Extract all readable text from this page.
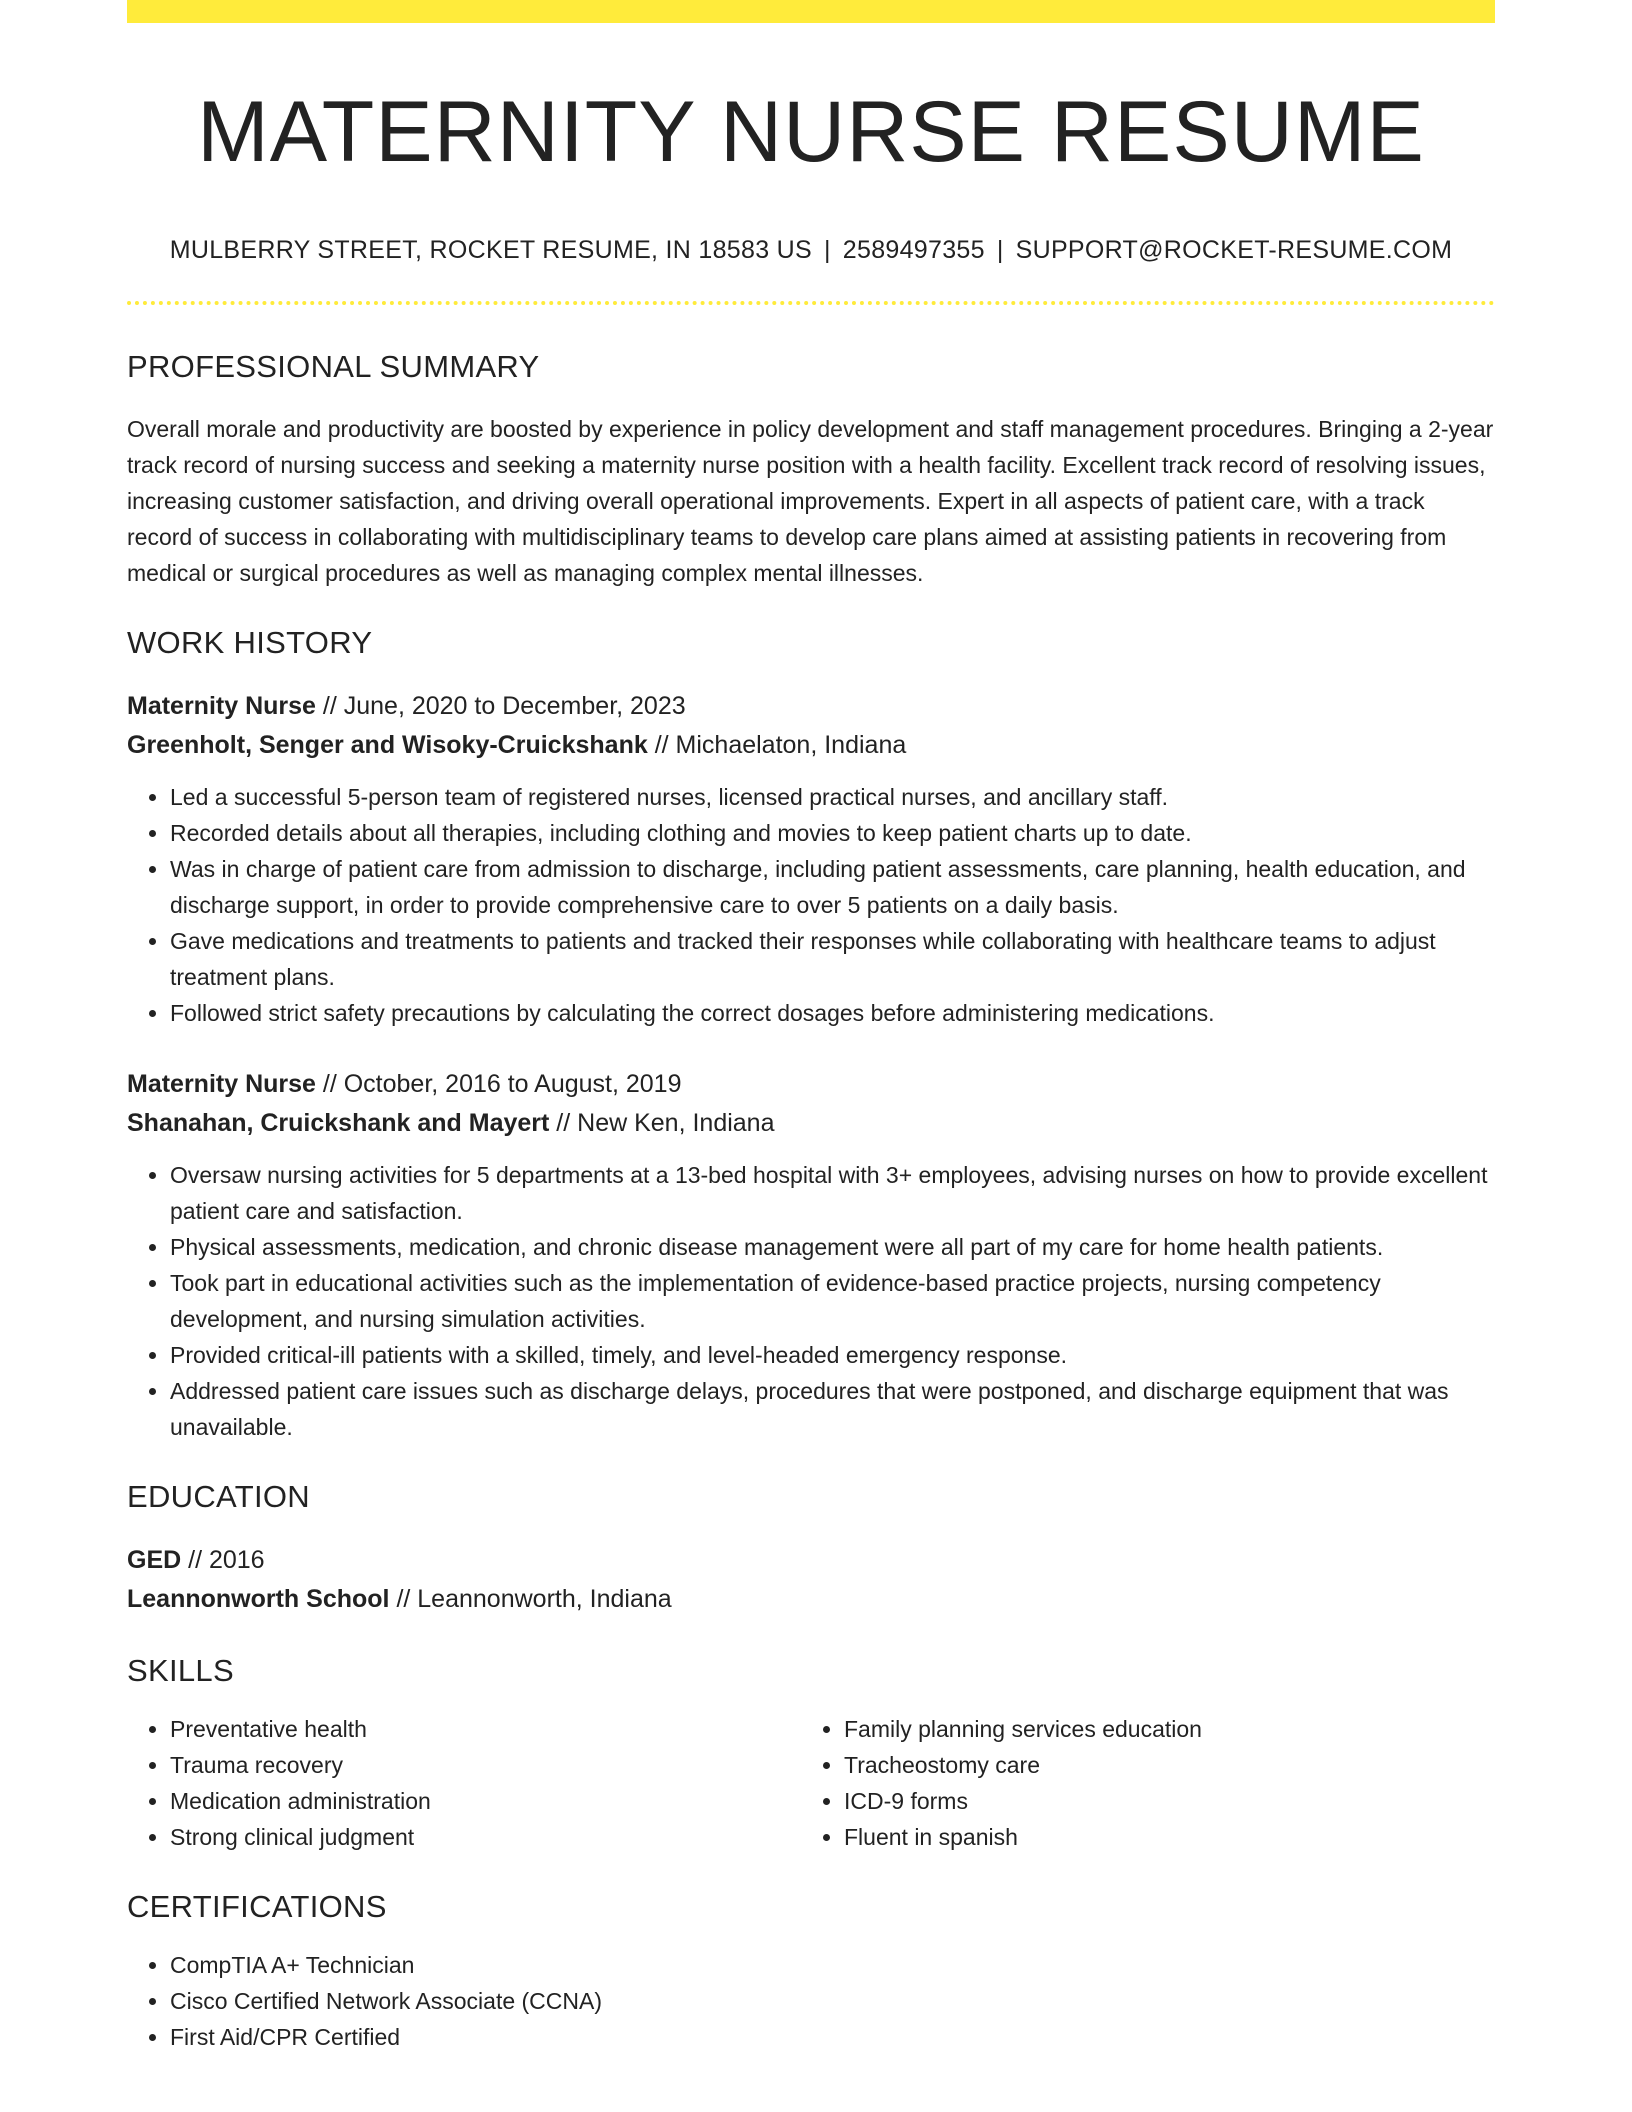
MATERNITY NURSE RESUME
MULBERRY STREET, ROCKET RESUME, IN 18583 US | 2589497355 | SUPPORT@ROCKET-RESUME.COM
PROFESSIONAL SUMMARY

Overall morale and productivity are boosted by experience in policy development and staff management procedures. Bringing a 2-year track record of nursing success and seeking a maternity nurse position with a health facility. Excellent track record of resolving issues, increasing customer satisfaction, and driving overall operational improvements. Expert in all aspects of patient care, with a track record of success in collaborating with multidisciplinary teams to develop care plans aimed at assisting patients in recovering from medical or surgical procedures as well as managing complex mental illnesses.

WORK HISTORY
Maternity Nurse // June, 2020 to December, 2023
Greenholt, Senger and Wisoky-Cruickshank // Michaelaton, Indiana
• Led a successful 5-person team of registered nurses, licensed practical nurses, and ancillary staff.
• Recorded details about all therapies, including clothing and movies to keep patient charts up to date.
• Was in charge of patient care from admission to discharge, including patient assessments, care planning, health education, and discharge support, in order to provide comprehensive care to over 5 patients on a daily basis.
• Gave medications and treatments to patients and tracked their responses while collaborating with healthcare teams to adjust treatment plans.
• Followed strict safety precautions by calculating the correct dosages before administering medications.
Maternity Nurse // October, 2016 to August, 2019
Shanahan, Cruickshank and Mayert // New Ken, Indiana
• Oversaw nursing activities for 5 departments at a 13-bed hospital with 3+ employees, advising nurses on how to provide excellent patient care and satisfaction.
• Physical assessments, medication, and chronic disease management were all part of my care for home health patients.
• Took part in educational activities such as the implementation of evidence-based practice projects, nursing competency development, and nursing simulation activities.
• Provided critical-ill patients with a skilled, timely, and level-headed emergency response.
• Addressed patient care issues such as discharge delays, procedures that were postponed, and discharge equipment that was unavailable.
EDUCATION
GED // 2016
Leannonworth School // Leannonworth, Indiana
SKILLS
• Preventative health
• Trauma recovery
• Medication administration
• Strong clinical judgment
• Family planning services education
• Tracheostomy care
• ICD-9 forms
• Fluent in spanish
CERTIFICATIONS
• CompTIA A+ Technician
• Cisco Certified Network Associate (CCNA)
• First Aid/CPR Certified
